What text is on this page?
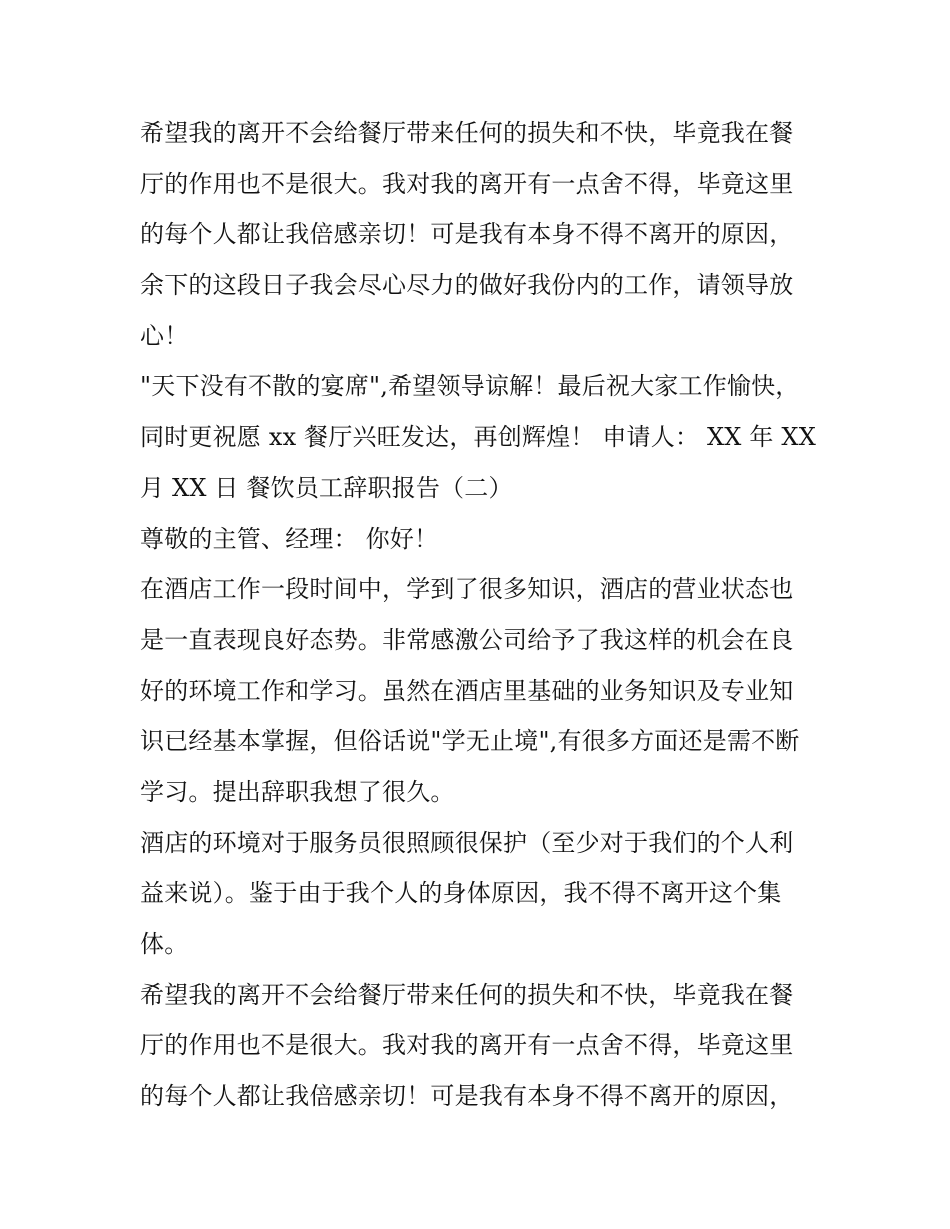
希望我的离开不会给餐厅带来任何的损失和不快，毕竟我在餐
厅的作用也不是很大。我对我的离开有一点舍不得，毕竟这里
的每个人都让我倍感亲切！可是我有本身不得不离开的原因，
余下的这段日子我会尽心尽力的做好我份内的工作，请领导放
心！
"天下没有不散的宴席",希望领导谅解！最后祝大家工作愉快，
同时更祝愿 xx 餐厅兴旺发达，再创辉煌！ 申请人： XX 年 XX
月 XX 日 餐饮员工辞职报告（二）
尊敬的主管、经理： 你好！
在酒店工作一段时间中，学到了很多知识，酒店的营业状态也
是一直表现良好态势。非常感激公司给予了我这样的机会在良
好的环境工作和学习。虽然在酒店里基础的业务知识及专业知
识已经基本掌握，但俗话说"学无止境",有很多方面还是需不断
学习。提出辞职我想了很久。
酒店的环境对于服务员很照顾很保护（至少对于我们的个人利
益来说）。鉴于由于我个人的身体原因，我不得不离开这个集
体。
希望我的离开不会给餐厅带来任何的损失和不快，毕竟我在餐
厅的作用也不是很大。我对我的离开有一点舍不得，毕竟这里
的每个人都让我倍感亲切！可是我有本身不得不离开的原因，
